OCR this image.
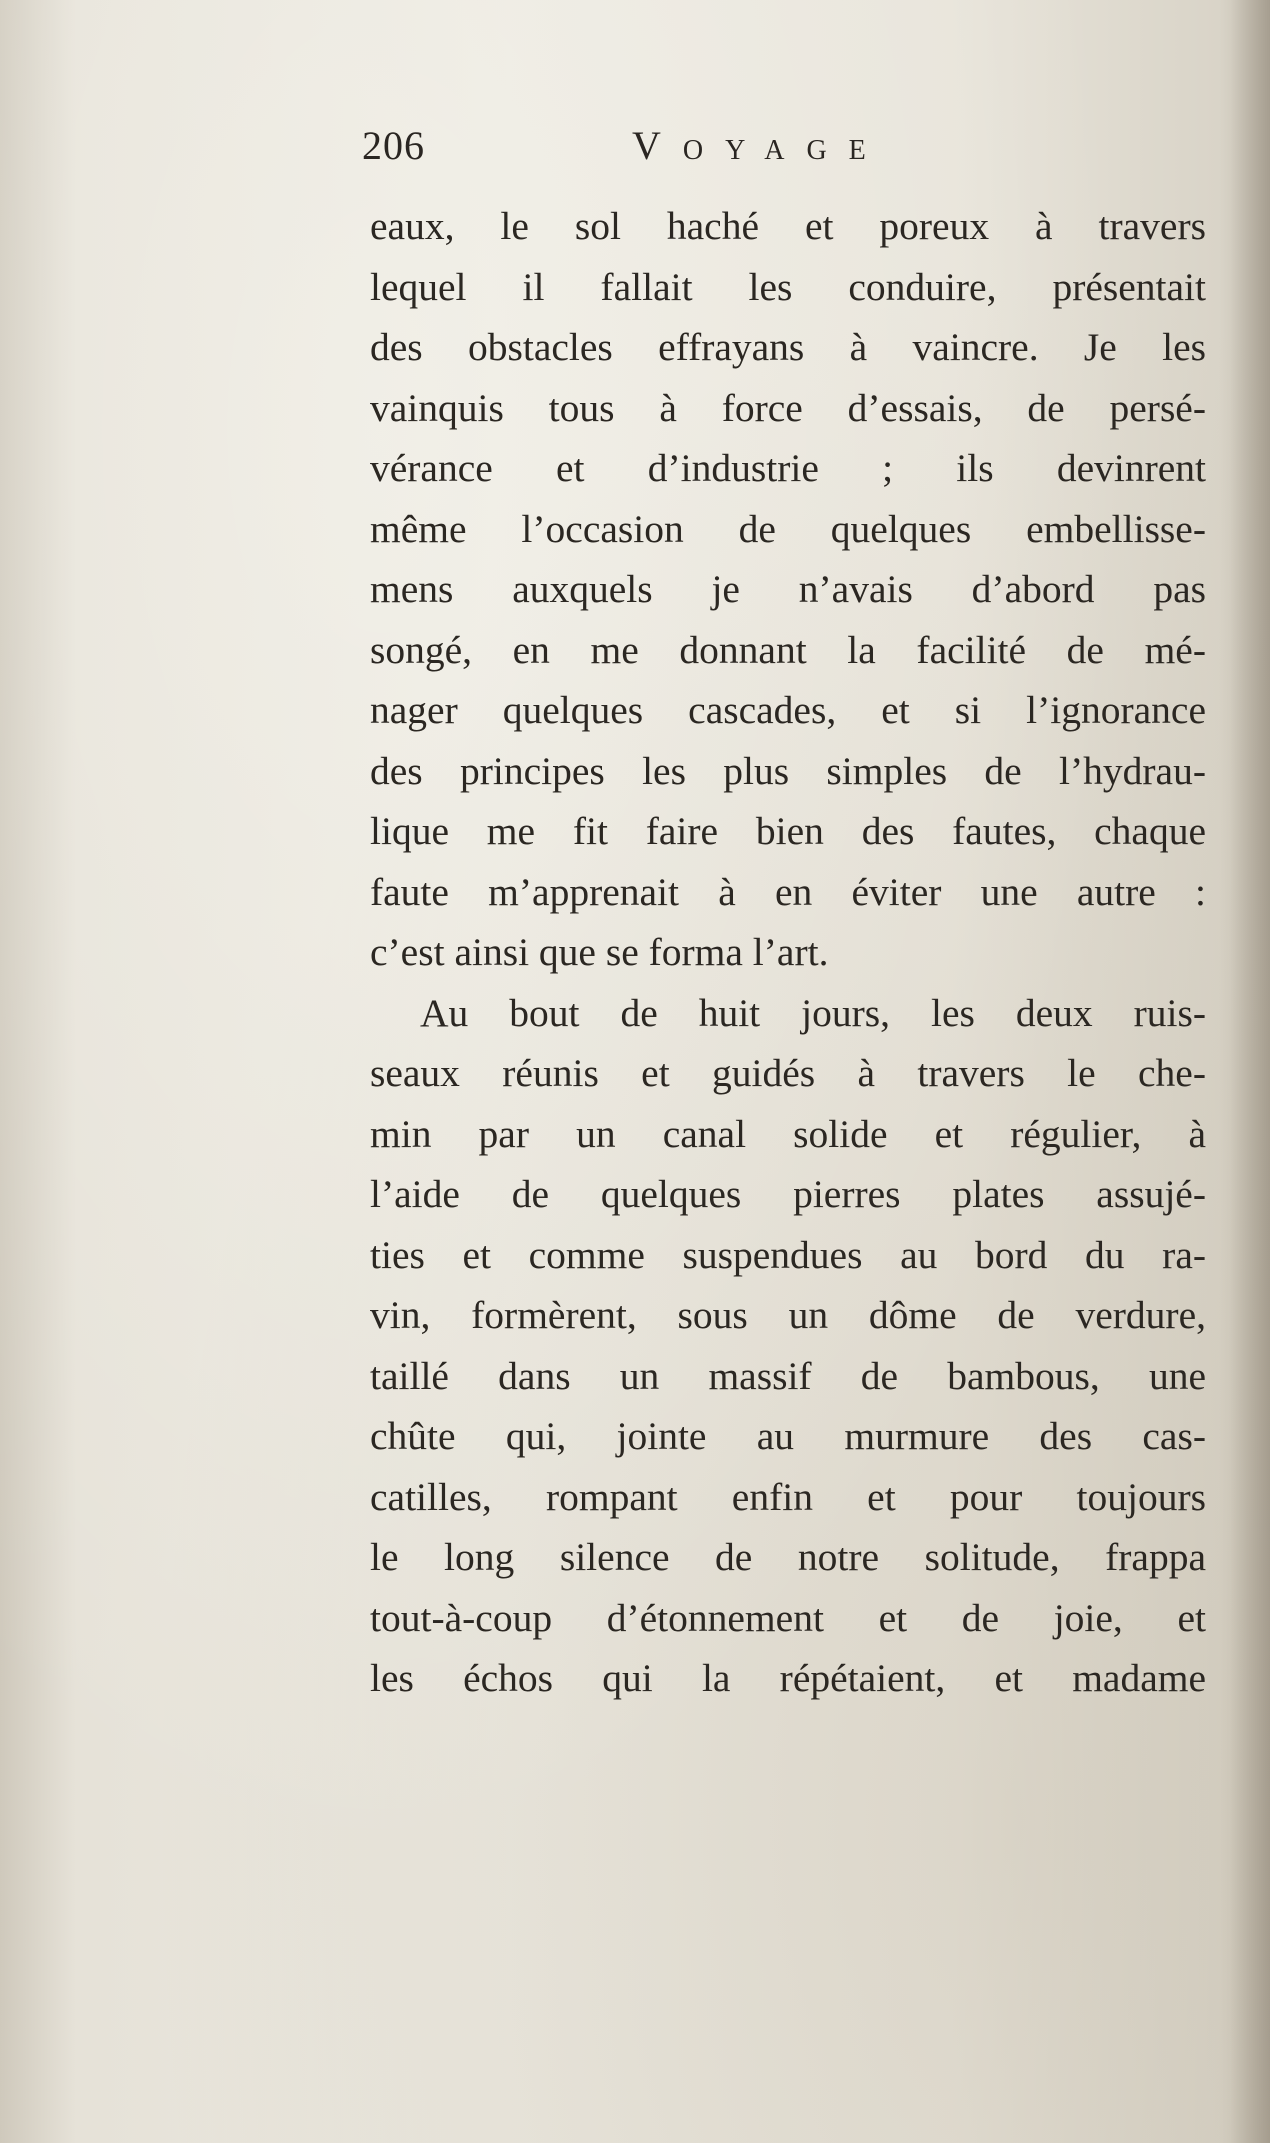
206	Voyage
eaux, le sol haché et poreux à travers
lequel il fallait les conduire, présentait
des obstacles effrayans à vaincre. Je les
vainquis tous à force d’essais, de persé-
vérance et d’industrie ; ils devinrent
même l’occasion de quelques embellisse-
mens auxquels je n’avais d’abord pas
songé, en me donnant la facilité de mé-
nager quelques cascades, et si l’ignorance
des principes les plus simples de l’hydrau-
lique me fit faire bien des fautes, chaque
faute m’apprenait à en éviter une autre :
c’est ainsi que se forma l’art.
Au bout de huit jours, les deux ruis-
seaux réunis et guidés à travers le che-
min par un canal solide et régulier, à
l’aide de quelques pierres plates assujé-
ties et comme suspendues au bord du ra-
vin, formèrent, sous un dôme de verdure,
taillé dans un massif de bambous, une
chûte qui, jointe au murmure des cas-
catilles, rompant enfin et pour toujours
le long silence de notre solitude, frappa
tout-à-coup d’étonnement et de joie, et
les échos qui la répétaient, et madame
